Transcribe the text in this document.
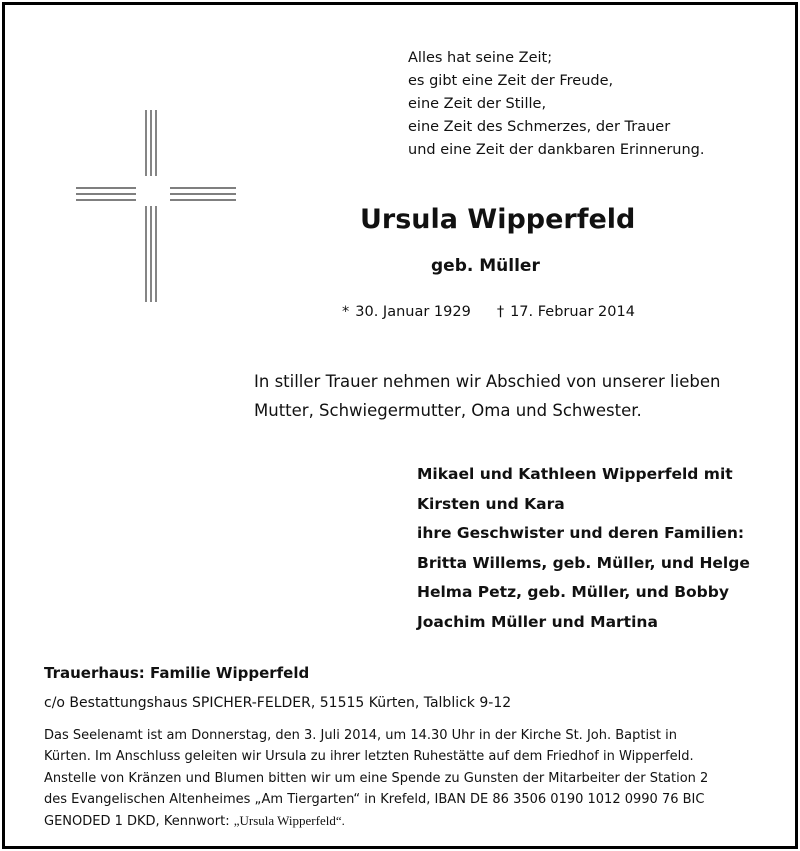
Alles hat seine Zeit;
es gibt eine Zeit der Freude,
eine Zeit der Stille,
eine Zeit des Schmerzes, der Trauer
und eine Zeit der dankbaren Erinnerung.
Ursula Wipperfeld
geb. Müller
* 30. Januar 1929 † 17. Februar 2014
In stiller Trauer nehmen wir Abschied von unserer lieben
Mutter, Schwiegermutter, Oma und Schwester.
Mikael und Kathleen Wipperfeld mit
Kirsten und Kara
ihre Geschwister und deren Familien:
Britta Willems, geb. Müller, und Helge
Helma Petz, geb. Müller, und Bobby
Joachim Müller und Martina
Trauerhaus: Familie Wipperfeld
c/o Bestattungshaus SPICHER-FELDER, 51515 Kürten, Talblick 9-12
Das Seelenamt ist am Donnerstag, den 3. Juli 2014, um 14.30 Uhr in der Kirche St. Joh. Baptist in
Kürten. Im Anschluss geleiten wir Ursula zu ihrer letzten Ruhestätte auf dem Friedhof in Wipperfeld.
Anstelle von Kränzen und Blumen bitten wir um eine Spende zu Gunsten der Mitarbeiter der Station 2
des Evangelischen Altenheimes „Am Tiergarten“ in Krefeld, IBAN DE 86 3506 0190 1012 0990 76 BIC
GENODED 1 DKD, Kennwort: „Ursula Wipperfeld“.
